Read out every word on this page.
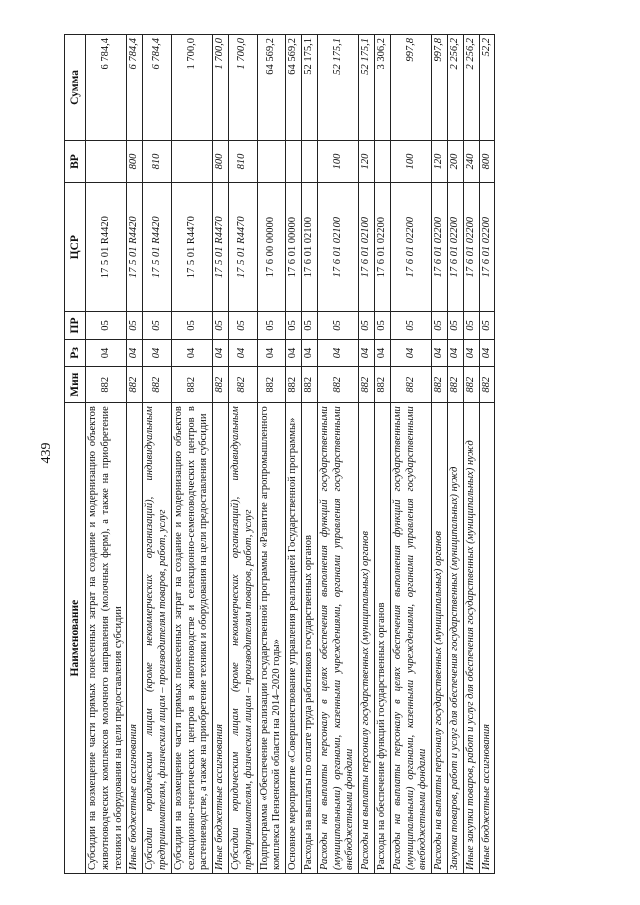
439
Наименование	Мин	Рз	ПР	ЦСР	ВР	Сумма
Субсидии на возмещение части прямых понесенных затрат на создание и модернизацию объектов животноводческих комплексов молочного направления (молочных ферм), а также на приобретение техники и оборудования на цели предоставления субсидии	882	04	05	17 5 01 R4420		6 784,4
Иные бюджетные ассигнования	882	04	05	17 5 01 R4420	800	6 784,4
Субсидии юридическим лицам (кроме некоммерческих организаций), индивидуальным предпринимателям, физическим лицам – производителям товаров, работ, услуг	882	04	05	17 5 01 R4420	810	6 784,4
Субсидии на возмещение части прямых понесенных затрат на создание и модернизацию объектов селекционно-генетических центров в животноводстве и селекционно-семеноводческих центров в растениеводстве, а также на приобретение техники и оборудования на цели предоставления субсидии	882	04	05	17 5 01 R4470		1 700,0
Иные бюджетные ассигнования	882	04	05	17 5 01 R4470	800	1 700,0
Субсидии юридическим лицам (кроме некоммерческих организаций), индивидуальным предпринимателям, физическим лицам – производителям товаров, работ, услуг	882	04	05	17 5 01 R4470	810	1 700,0
Подпрограмма «Обеспечение реализации государственной программы «Развитие агропромышленного комплекса Пензенской области на 2014–2020 годы»	882	04	05	17 6 00 00000		64 569,2
Основное мероприятие «Совершенствование управления реализацией Государственной программы»	882	04	05	17 6 01 00000		64 569,2
Расходы на выплаты по оплате труда работников государственных органов	882	04	05	17 6 01 02100		52 175,1
Расходы на выплаты персоналу в целях обеспечения выполнения функций государственными (муниципальными) органами, казенными учреждениями, органами управления государственными внебюджетными фондами	882	04	05	17 6 01 02100	100	52 175,1
Расходы на выплаты персоналу государственных (муниципальных) органов	882	04	05	17 6 01 02100	120	52 175,1
Расходы на обеспечение функций государственных органов	882	04	05	17 6 01 02200		3 306,2
Расходы на выплаты персоналу в целях обеспечения выполнения функций государственными (муниципальными) органами, казенными учреждениями, органами управления государственными внебюджетными фондами	882	04	05	17 6 01 02200	100	997,8
Расходы на выплаты персоналу государственных (муниципальных) органов	882	04	05	17 6 01 02200	120	997,8
Закупка товаров, работ и услуг для обеспечения государственных (муниципальных) нужд	882	04	05	17 6 01 02200	200	2 256,2
Иные закупки товаров, работ и услуг для обеспечения государственных (муниципальных) нужд	882	04	05	17 6 01 02200	240	2 256,2
Иные бюджетные ассигнования	882	04	05	17 6 01 02200	800	52,2
